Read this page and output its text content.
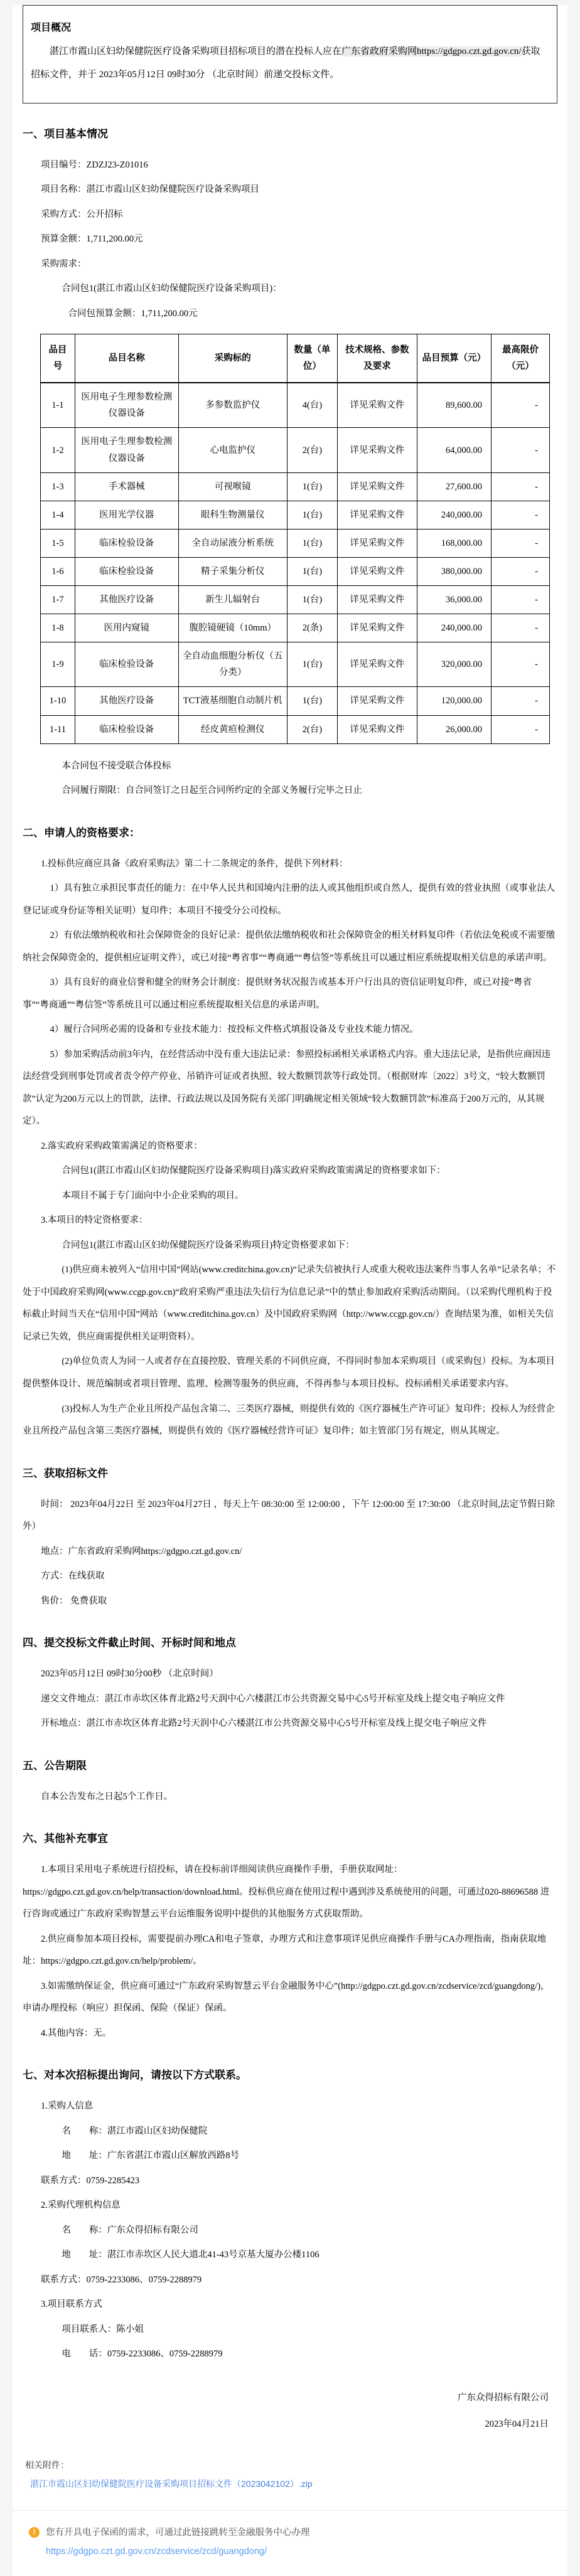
项目概况

湛江市霞山区妇幼保健院医疗设备采购项目招标项目的潜在投标人应在广东省政府采购网https://gdgpo.czt.gd.gov.cn/获取招标文件，并于 2023年05月12日 09时30分 （北京时间）前递交投标文件。

一、项目基本情况

项目编号：ZDZJ23-Z01016

项目名称：湛江市霞山区妇幼保健院医疗设备采购项目

采购方式：公开招标

预算金额：1,711,200.00元

采购需求：

合同包1(湛江市霞山区妇幼保健院医疗设备采购项目)：

合同包预算金额：1,711,200.00元

品目号	品目名称	采购标的	数量（单位）	技术规格、参数及要求	品目预算（元）	最高限价（元）
1-1	医用电子生理参数检测仪器设备	多参数监护仪	4(台)	详见采购文件	89,600.00	-
1-2	医用电子生理参数检测仪器设备	心电监护仪	2(台)	详见采购文件	64,000.00	-
1-3	手术器械	可视喉镜	1(台)	详见采购文件	27,600.00	-
1-4	医用光学仪器	眼科生物测量仪	1(台)	详见采购文件	240,000.00	-
1-5	临床检验设备	全自动尿液分析系统	1(台)	详见采购文件	168,000.00	-
1-6	临床检验设备	精子采集分析仪	1(台)	详见采购文件	380,000.00	-
1-7	其他医疗设备	新生儿辐射台	1(台)	详见采购文件	36,000.00	-
1-8	医用内窥镜	腹腔镜硬镜（10mm）	2(条)	详见采购文件	240,000.00	-
1-9	临床检验设备	全自动血细胞分析仪（五分类）	1(台)	详见采购文件	320,000.00	-
1-10	其他医疗设备	TCT液基细胞自动制片机	1(台)	详见采购文件	120,000.00	-
1-11	临床检验设备	经皮黄疸检测仪	2(台)	详见采购文件	26,000.00	-

本合同包不接受联合体投标

合同履行期限：自合同签订之日起至合同所约定的全部义务履行完毕之日止

二、申请人的资格要求：

1.投标供应商应具备《政府采购法》第二十二条规定的条件，提供下列材料：

1）具有独立承担民事责任的能力：在中华人民共和国境内注册的法人或其他组织或自然人，提供有效的营业执照（或事业法人登记证或身份证等相关证明）复印件；本项目不接受分公司投标。

2）有依法缴纳税收和社会保障资金的良好记录：提供依法缴纳税收和社会保障资金的相关材料复印件（若依法免税或不需要缴纳社会保障资金的，提供相应证明文件），或已对接“粤省事”“粤商通”“粤信签”等系统且可以通过相应系统提取相关信息的承诺声明。

3）具有良好的商业信誉和健全的财务会计制度：提供财务状况报告或基本开户行出具的资信证明复印件，或已对接“粤省事”“粤商通”“粤信签”等系统且可以通过相应系统提取相关信息的承诺声明。

4）履行合同所必需的设备和专业技术能力：按投标文件格式填报设备及专业技术能力情况。

5）参加采购活动前3年内，在经营活动中没有重大违法记录：参照投标函相关承诺格式内容。重大违法记录，是指供应商因违法经营受到刑事处罚或者责令停产停业、吊销许可证或者执照、较大数额罚款等行政处罚。（根据财库〔2022〕3号文，“较大数额罚款”认定为200万元以上的罚款，法律、行政法规以及国务院有关部门明确规定相关领域“较大数额罚款”标准高于200万元的，从其规定）。

2.落实政府采购政策需满足的资格要求：

合同包1(湛江市霞山区妇幼保健院医疗设备采购项目)落实政府采购政策需满足的资格要求如下：

本项目不属于专门面向中小企业采购的项目。

3.本项目的特定资格要求：

合同包1(湛江市霞山区妇幼保健院医疗设备采购项目)特定资格要求如下：

(1)供应商未被列入“信用中国”网站(www.creditchina.gov.cn)“记录失信被执行人或重大税收违法案件当事人名单”记录名单；不处于中国政府采购网(www.ccgp.gov.cn)“政府采购严重违法失信行为信息记录”中的禁止参加政府采购活动期间。（以采购代理机构于投标截止时间当天在“信用中国”网站（www.creditchina.gov.cn）及中国政府采购网（http://www.ccgp.gov.cn/）查询结果为准，如相关失信记录已失效，供应商需提供相关证明资料）。

(2)单位负责人为同一人或者存在直接控股、管理关系的不同供应商，不得同时参加本采购项目（或采购包）投标。为本项目提供整体设计、规范编制或者项目管理、监理、检测等服务的供应商，不得再参与本项目投标。投标函相关承诺要求内容。

(3)投标人为生产企业且所投产品包含第二、三类医疗器械，则提供有效的《医疗器械生产许可证》复印件；投标人为经营企业且所投产品包含第三类医疗器械，则提供有效的《医疗器械经营许可证》复印件；如主管部门另有规定，则从其规定。

三、获取招标文件

时间： 2023年04月22日 至 2023年04月27日 ，每天上午 08:30:00 至 12:00:00 ，下午 12:00:00 至 17:30:00 （北京时间,法定节假日除外）

地点：广东省政府采购网https://gdgpo.czt.gd.gov.cn/

方式：在线获取

售价： 免费获取

四、提交投标文件截止时间、开标时间和地点

2023年05月12日 09时30分00秒 （北京时间）

递交文件地点：湛江市赤坎区体育北路2号天润中心六楼湛江市公共资源交易中心5号开标室及线上提交电子响应文件

开标地点：湛江市赤坎区体育北路2号天润中心六楼湛江市公共资源交易中心5号开标室及线上提交电子响应文件

五、公告期限

自本公告发布之日起5个工作日。

六、其他补充事宜

1.本项目采用电子系统进行招投标，请在投标前详细阅读供应商操作手册，手册获取网址：https://gdgpo.czt.gd.gov.cn/help/transaction/download.html。投标供应商在使用过程中遇到涉及系统使用的问题，可通过020-88696588 进行咨询或通过广东政府采购智慧云平台运维服务说明中提供的其他服务方式获取帮助。

2.供应商参加本项目投标，需要提前办理CA和电子签章，办理方式和注意事项详见供应商操作手册与CA办理指南，指南获取地址：https://gdgpo.czt.gd.gov.cn/help/problem/。

3.如需缴纳保证金，供应商可通过“广东政府采购智慧云平台金融服务中心”(http://gdgpo.czt.gd.gov.cn/zcdservice/zcd/guangdong/)，申请办理投标（响应）担保函、保险（保证）保函。

4.其他内容：无。

七、对本次招标提出询问，请按以下方式联系。

1.采购人信息

名　　称：湛江市霞山区妇幼保健院

地　　址：广东省湛江市霞山区解放西路8号

联系方式：0759-2285423

2.采购代理机构信息

名　　称：广东众得招标有限公司

地　　址：湛江市赤坎区人民大道北41-43号京基大厦办公楼1106

联系方式：0759-2233086、0759-2288979

3.项目联系方式

项目联系人：陈小姐

电　　话：0759-2233086、0759-2288979

广东众得招标有限公司
2023年04月21日

相关附件：

湛江市霞山区妇幼保健院医疗设备采购项目招标文件（2023042102）.zip
!	您有开具电子保函的需求，可通过此链接跳转至金融服务中心办理

https://gdgpo.czt.gd.gov.cn/zcdservice/zcd/guangdong/
